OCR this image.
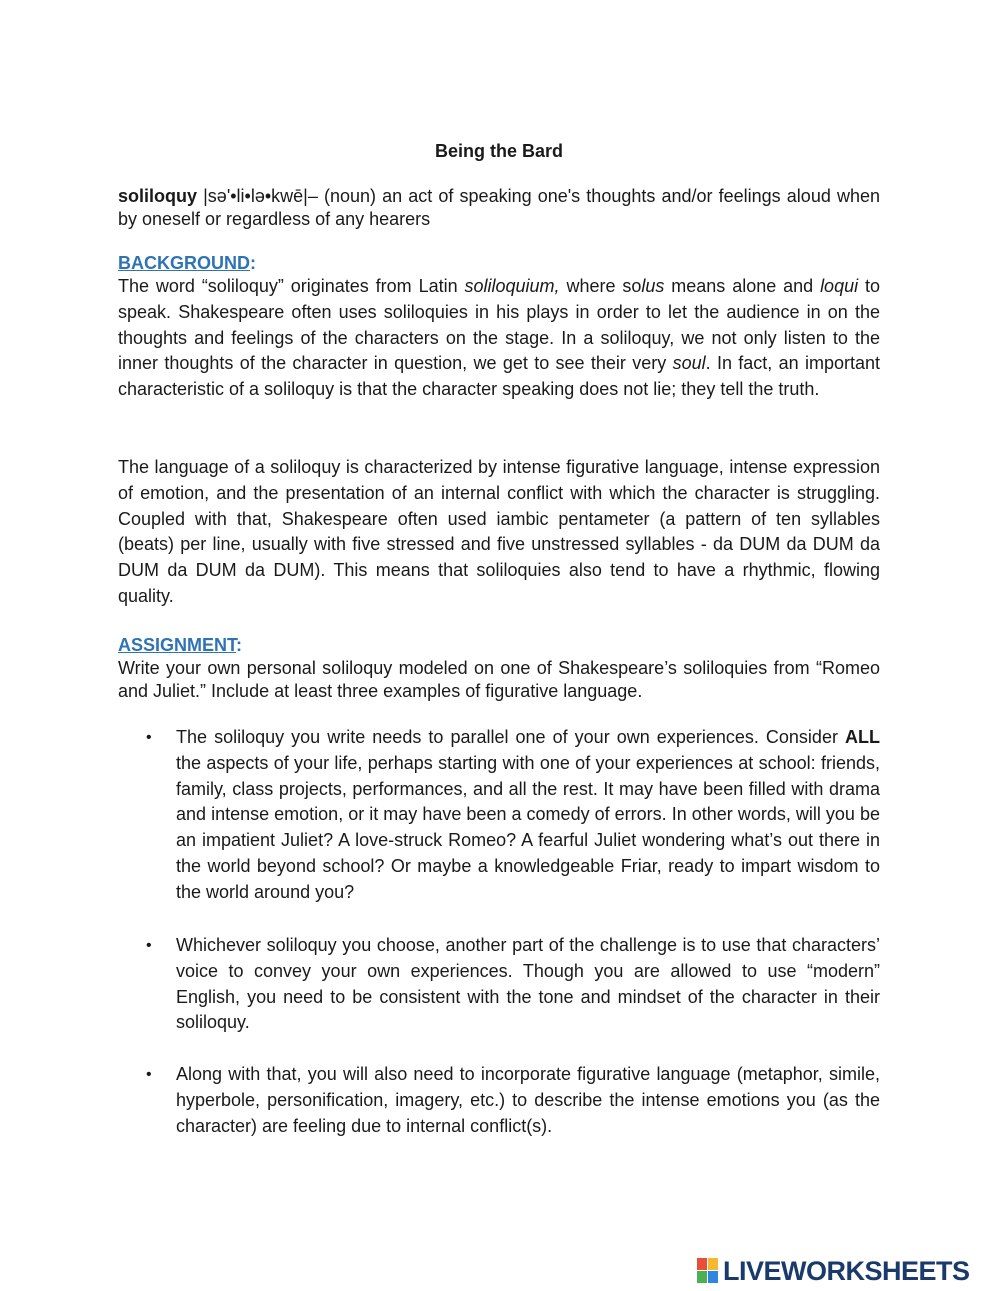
Being the Bard

soliloquy |sə'•li•lə•kwē|– (noun) an act of speaking one's thoughts and/or feelings aloud when by oneself or regardless of any hearers

BACKGROUND:

The word “soliloquy” originates from Latin soliloquium, where solus means alone and loqui to speak. Shakespeare often uses soliloquies in his plays in order to let the audience in on the thoughts and feelings of the characters on the stage. In a soliloquy, we not only listen to the inner thoughts of the character in question, we get to see their very soul. In fact, an important characteristic of a soliloquy is that the character speaking does not lie; they tell the truth.

The language of a soliloquy is characterized by intense figurative language, intense expression of emotion, and the presentation of an internal conflict with which the character is struggling. Coupled with that, Shakespeare often used iambic pentameter (a pattern of ten syllables (beats) per line, usually with five stressed and five unstressed syllables - da DUM da DUM da DUM da DUM da DUM). This means that soliloquies also tend to have a rhythmic, flowing quality.

ASSIGNMENT:

Write your own personal soliloquy modeled on one of Shakespeare’s soliloquies from “Romeo and Juliet.” Include at least three examples of figurative language.

• The soliloquy you write needs to parallel one of your own experiences. Consider ALL the aspects of your life, perhaps starting with one of your experiences at school: friends, family, class projects, performances, and all the rest. It may have been filled with drama and intense emotion, or it may have been a comedy of errors. In other words, will you be an impatient Juliet? A love-struck Romeo? A fearful Juliet wondering what’s out there in the world beyond school? Or maybe a knowledgeable Friar, ready to impart wisdom to the world around you?
• Whichever soliloquy you choose, another part of the challenge is to use that characters’ voice to convey your own experiences. Though you are allowed to use “modern” English, you need to be consistent with the tone and mindset of the character in their soliloquy.
• Along with that, you will also need to incorporate figurative language (metaphor, simile, hyperbole, personification, imagery, etc.) to describe the intense emotions you (as the character) are feeling due to internal conflict(s).
LIVEWORKSHEETS
